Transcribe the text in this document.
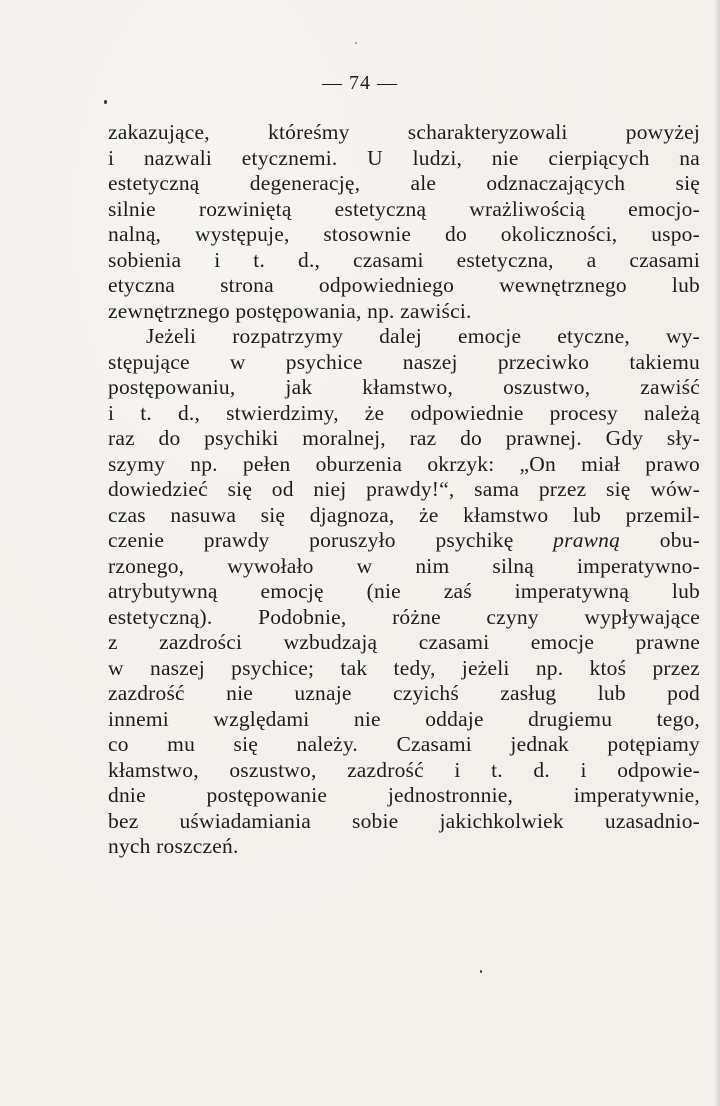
— 74 —
zakazujące, któreśmy scharakteryzowali powyżej
i nazwali etycznemi. U ludzi, nie cierpiących na
estetyczną degenerację, ale odznaczających się
silnie rozwiniętą estetyczną wrażliwością emocjo-
nalną, występuje, stosownie do okoliczności, uspo-
sobienia i t. d., czasami estetyczna, a czasami
etyczna strona odpowiedniego wewnętrznego lub
zewnętrznego postępowania, np. zawiści.
Jeżeli rozpatrzymy dalej emocje etyczne, wy-
stępujące w psychice naszej przeciwko takiemu
postępowaniu, jak kłamstwo, oszustwo, zawiść
i t. d., stwierdzimy, że odpowiednie procesy należą
raz do psychiki moralnej, raz do prawnej. Gdy sły-
szymy np. pełen oburzenia okrzyk: „On miał prawo
dowiedzieć się od niej prawdy!“, sama przez się wów-
czas nasuwa się djagnoza, że kłamstwo lub przemil-
czenie prawdy poruszyło psychikę prawną obu-
rzonego, wywołało w nim silną imperatywno-
atrybutywną emocję (nie zaś imperatywną lub
estetyczną). Podobnie, różne czyny wypływające
z zazdrości wzbudzają czasami emocje prawne
w naszej psychice; tak tedy, jeżeli np. ktoś przez
zazdrość nie uznaje czyichś zasług lub pod
innemi względami nie oddaje drugiemu tego,
co mu się należy. Czasami jednak potępiamy
kłamstwo, oszustwo, zazdrość i t. d. i odpowie-
dnie postępowanie jednostronnie, imperatywnie,
bez uświadamiania sobie jakichkolwiek uzasadnio-
nych roszczeń.
